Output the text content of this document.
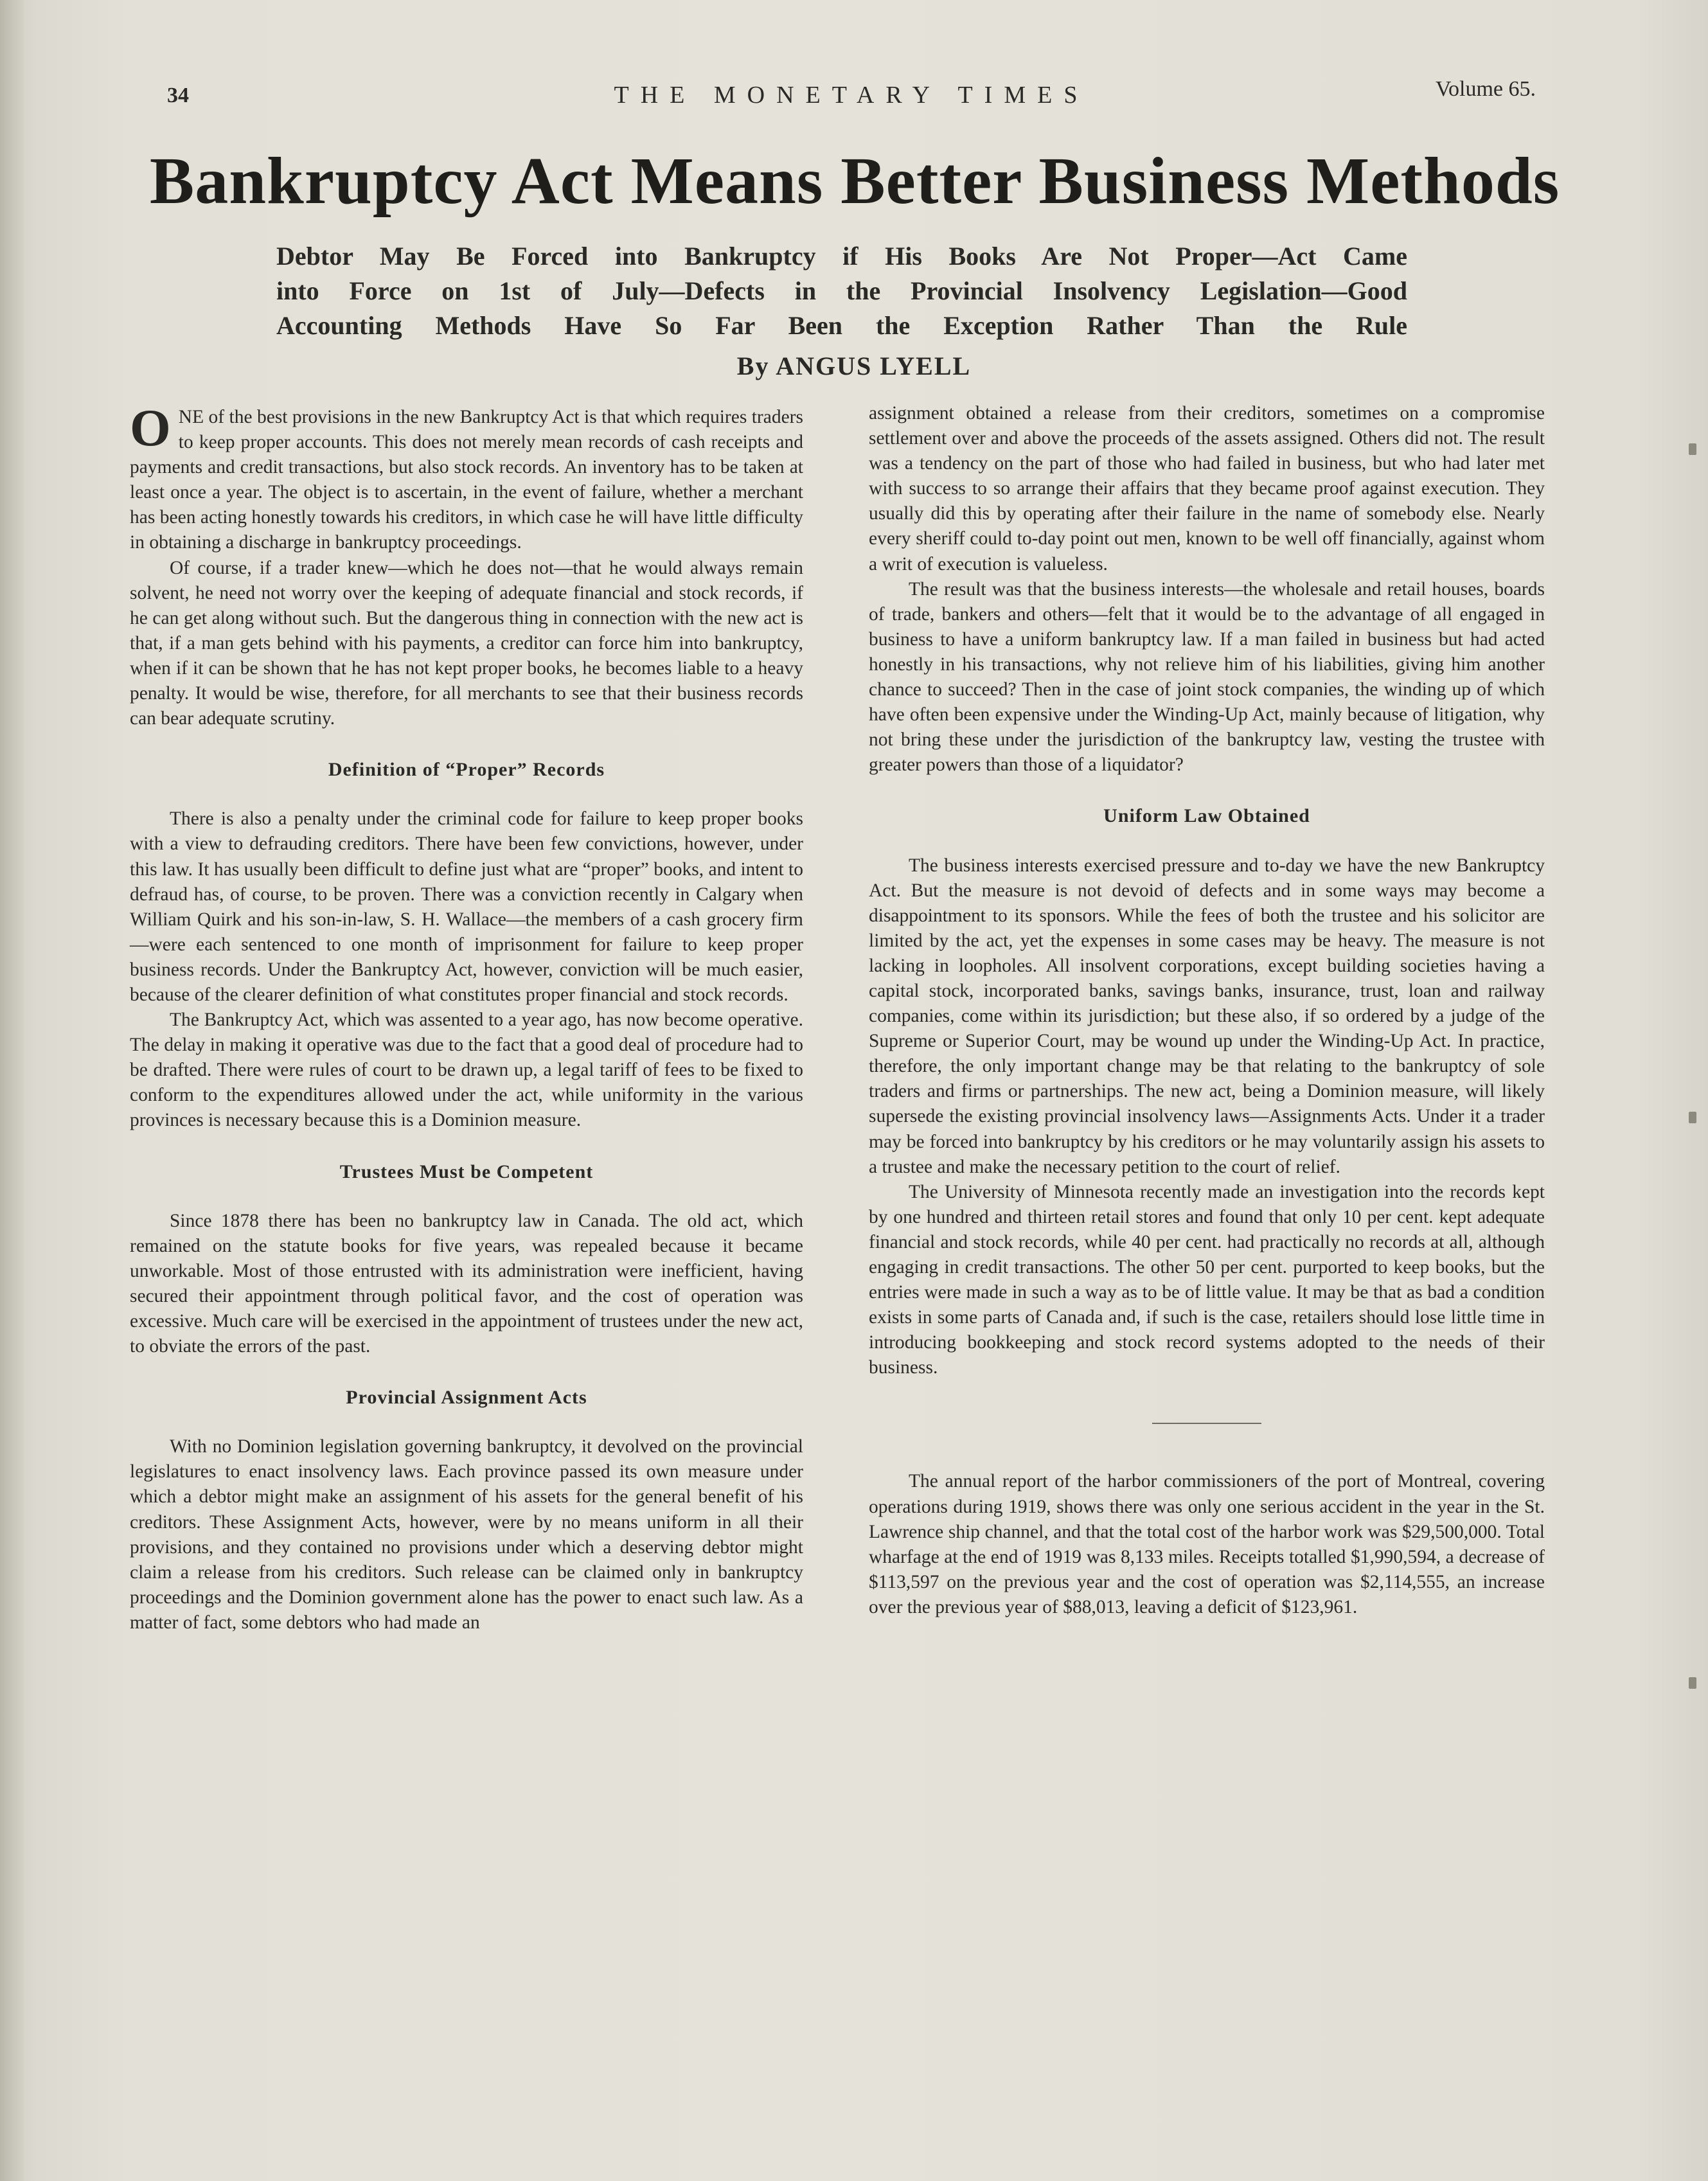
34	THE MONETARY TIMES	Volume 65.
Bankruptcy Act Means Better Business Methods

Debtor May Be Forced into Bankruptcy if His Books Are Not Proper—Act Came

into Force on 1st of July—Defects in the Provincial Insolvency Legislation—Good

Accounting Methods Have So Far Been the Exception Rather Than the Rule

By ANGUS LYELL

ONE of the best provisions in the new Bankruptcy Act is that which requires traders to keep proper accounts. This does not merely mean records of cash receipts and payments and credit transactions, but also stock records. An inventory has to be taken at least once a year. The object is to ascertain, in the event of failure, whether a merchant has been acting honestly towards his creditors, in which case he will have little difficulty in obtaining a discharge in bankruptcy proceedings.

Of course, if a trader knew—which he does not—that he would always remain solvent, he need not worry over the keeping of adequate financial and stock records, if he can get along without such. But the dangerous thing in connection with the new act is that, if a man gets behind with his payments, a creditor can force him into bankruptcy, when if it can be shown that he has not kept proper books, he becomes liable to a heavy penalty. It would be wise, therefore, for all merchants to see that their business records can bear adequate scrutiny.

Definition of “Proper” Records

There is also a penalty under the criminal code for failure to keep proper books with a view to defrauding creditors. There have been few convictions, however, under this law. It has usually been difficult to define just what are “proper” books, and intent to defraud has, of course, to be proven. There was a conviction recently in Calgary when William Quirk and his son-in-law, S. H. Wallace—the members of a cash grocery firm—were each sentenced to one month of imprisonment for failure to keep proper business records. Under the Bankruptcy Act, however, conviction will be much easier, because of the clearer definition of what constitutes proper financial and stock records.

The Bankruptcy Act, which was assented to a year ago, has now become operative. The delay in making it operative was due to the fact that a good deal of procedure had to be drafted. There were rules of court to be drawn up, a legal tariff of fees to be fixed to conform to the expenditures allowed under the act, while uniformity in the various provinces is necessary because this is a Dominion measure.

Trustees Must be Competent

Since 1878 there has been no bankruptcy law in Canada. The old act, which remained on the statute books for five years, was repealed because it became unworkable. Most of those entrusted with its administration were inefficient, having secured their appointment through political favor, and the cost of operation was excessive. Much care will be exercised in the appointment of trustees under the new act, to obviate the errors of the past.

Provincial Assignment Acts

With no Dominion legislation governing bankruptcy, it devolved on the provincial legislatures to enact insolvency laws. Each province passed its own measure under which a debtor might make an assignment of his assets for the general benefit of his creditors. These Assignment Acts, however, were by no means uniform in all their provisions, and they contained no provisions under which a deserving debtor might claim a release from his creditors. Such release can be claimed only in bankruptcy proceedings and the Dominion government alone has the power to enact such law. As a matter of fact, some debtors who had made an

assignment obtained a release from their creditors, sometimes on a compromise settlement over and above the proceeds of the assets assigned. Others did not. The result was a tendency on the part of those who had failed in business, but who had later met with success to so arrange their affairs that they became proof against execution. They usually did this by operating after their failure in the name of somebody else. Nearly every sheriff could to-day point out men, known to be well off financially, against whom a writ of execution is valueless.

The result was that the business interests—the wholesale and retail houses, boards of trade, bankers and others—felt that it would be to the advantage of all engaged in business to have a uniform bankruptcy law. If a man failed in business but had acted honestly in his transactions, why not relieve him of his liabilities, giving him another chance to succeed? Then in the case of joint stock companies, the winding up of which have often been expensive under the Winding-Up Act, mainly because of litigation, why not bring these under the jurisdiction of the bankruptcy law, vesting the trustee with greater powers than those of a liquidator?

Uniform Law Obtained

The business interests exercised pressure and to-day we have the new Bankruptcy Act. But the measure is not devoid of defects and in some ways may become a disappointment to its sponsors. While the fees of both the trustee and his solicitor are limited by the act, yet the expenses in some cases may be heavy. The measure is not lacking in loopholes. All insolvent corporations, except building societies having a capital stock, incorporated banks, savings banks, insurance, trust, loan and railway companies, come within its jurisdiction; but these also, if so ordered by a judge of the Supreme or Superior Court, may be wound up under the Winding-Up Act. In practice, therefore, the only important change may be that relating to the bankruptcy of sole traders and firms or partnerships. The new act, being a Dominion measure, will likely supersede the existing provincial insolvency laws—Assignments Acts. Under it a trader may be forced into bankruptcy by his creditors or he may voluntarily assign his assets to a trustee and make the necessary petition to the court of relief.

The University of Minnesota recently made an investigation into the records kept by one hundred and thirteen retail stores and found that only 10 per cent. kept adequate financial and stock records, while 40 per cent. had practically no records at all, although engaging in credit transactions. The other 50 per cent. purported to keep books, but the entries were made in such a way as to be of little value. It may be that as bad a condition exists in some parts of Canada and, if such is the case, retailers should lose little time in introducing bookkeeping and stock record systems adopted to the needs of their business.

The annual report of the harbor commissioners of the port of Montreal, covering operations during 1919, shows there was only one serious accident in the year in the St. Lawrence ship channel, and that the total cost of the harbor work was $29,500,000. Total wharfage at the end of 1919 was 8,133 miles. Receipts totalled $1,990,594, a decrease of $113,597 on the previous year and the cost of operation was $2,114,555, an increase over the previous year of $88,013, leaving a deficit of $123,961.
